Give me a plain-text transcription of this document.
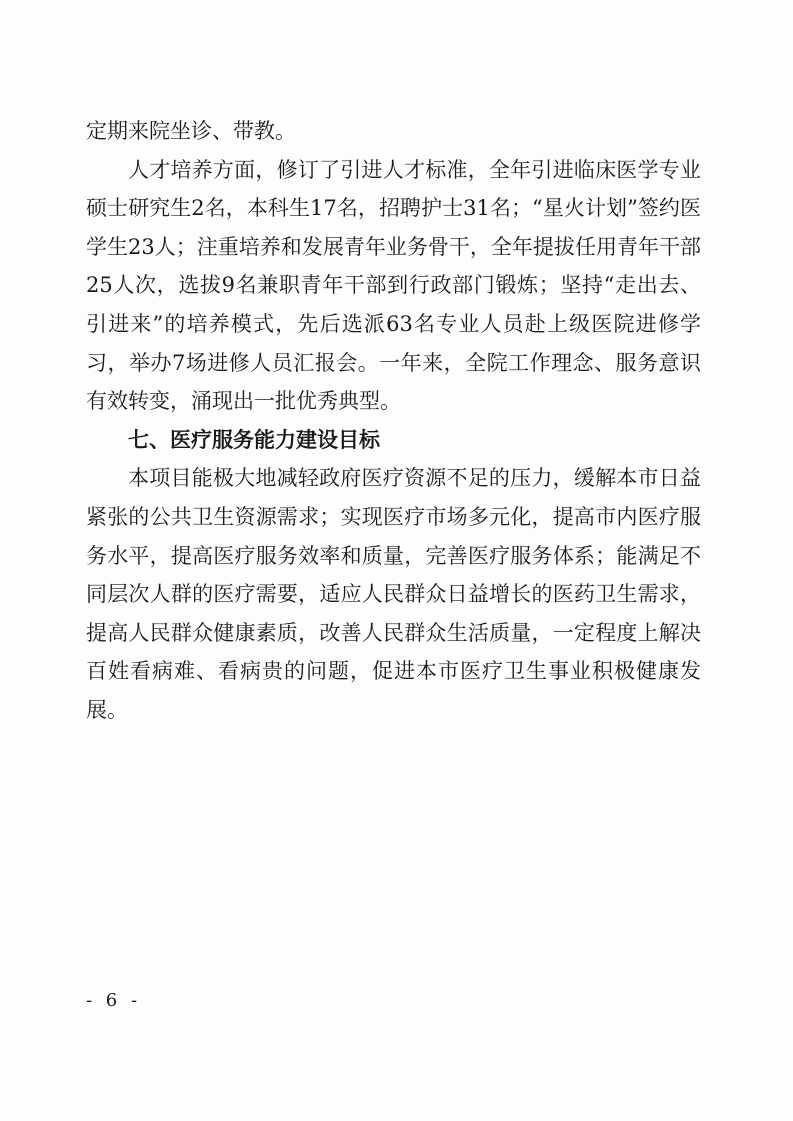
定期来院坐诊、带教。

人才培养方面，修订了引进人才标准，全年引进临床医学专业硕士研究生2名，本科生17名，招聘护士31名；“星火计划”签约医学生23人；注重培养和发展青年业务骨干，全年提拔任用青年干部25人次，选拔9名兼职青年干部到行政部门锻炼；坚持“走出去、引进来”的培养模式，先后选派63名专业人员赴上级医院进修学习，举办7场进修人员汇报会。一年来，全院工作理念、服务意识有效转变，涌现出一批优秀典型。

七、医疗服务能力建设目标

本项目能极大地减轻政府医疗资源不足的压力，缓解本市日益紧张的公共卫生资源需求；实现医疗市场多元化，提高市内医疗服务水平，提高医疗服务效率和质量，完善医疗服务体系；能满足不同层次人群的医疗需要，适应人民群众日益增长的医药卫生需求，提高人民群众健康素质，改善人民群众生活质量，一定程度上解决百姓看病难、看病贵的问题，促进本市医疗卫生事业积极健康发展。

- 6 -
